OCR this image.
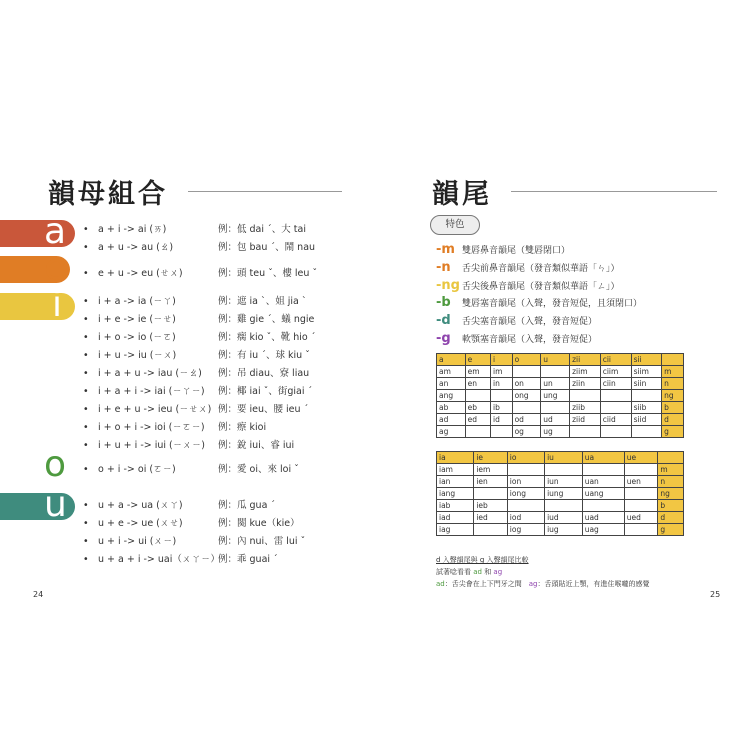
韻母組合
a
e
i
o
u
• a + i -> ai (ㄞ)	例：低 dai ˊ、大 tai
• a + u -> au (ㄠ)	例：包 bau ˊ、鬧 nau
• e + u -> eu (ㄝㄨ)	例：頭 teu ˇ、樓 leu ˇ
• i + a -> ia (ㄧㄚ)	例：遮 ia ˋ、姐 jia ˋ
• i + e -> ie (ㄧㄝ)	例：雞 gie ˊ、蟻 ngie
• i + o -> io (ㄧㄛ)	例：瘸 kio ˇ、靴 hio ˊ
• i + u -> iu (ㄧㄨ)	例：有 iu ˊ、球 kiu ˇ
• i + a + u -> iau (ㄧㄠ) 例：吊 diau、寮 liau
• i + a + i -> iai (ㄧㄚㄧ) 例：椰 iai ˇ、街giai ˊ
• i + e + u -> ieu (ㄧㄝㄨ) 例：要 ieu、腰 ieu ˊ
• i + o + i -> ioi (ㄧㄛㄧ) 例：瘵 kioi
• i + u + i -> iui (ㄧㄨㄧ) 例：銳 iui、睿 iui
• o + i -> oi (ㄛㄧ)	例：愛 oi、來 loi ˇ
• u + a -> ua (ㄨㄚ)	例：瓜 gua ˊ
• u + e -> ue (ㄨㄝ)	例：闋 kue（kie）
• u + i -> ui (ㄨㄧ)	例：內 nui、雷 lui ˇ
• u + a + i -> uai（ㄨㄚㄧ）
例：乖 guai ˊ
24
韻尾
特色
-m 雙唇鼻音韻尾（雙唇閉口）
-n 舌尖前鼻音韻尾（發音類似華語「ㄣ」）
-ng 舌尖後鼻音韻尾（發音類似華語「ㄥ」）
-b 雙唇塞音韻尾（入聲，發音短促，且須閉口）
-d 舌尖塞音韻尾（入聲，發音短促）
-g 軟顎塞音韻尾（入聲，發音短促）
a	e	i	o	u	zii	cii	sii	
am	em	im			ziim	ciim	siim	m
an	en	in	on	un	ziin	ciin	siin	n
ang			ong	ung				ng
ab	eb	ib			ziib		siib	b
ad	ed	id	od	ud	ziid	ciid	siid	d
ag			og	ug				g
ia	ie	io	iu	ua	ue	
iam	iem					m
ian	ien	ion	iun	uan	uen	n
iang		iong	iung	uang		ng
iab	ieb					b
iad	ied	iod	iud	uad	ued	d
iag		iog	iug	uag		g
d 入聲韻尾與 g 入聲韻尾比較
試著唸看看 ad 和 ag
ad：舌尖會在上下門牙之間　ag：舌頭貼近上顎，有進住喉嚨的感覺
25
